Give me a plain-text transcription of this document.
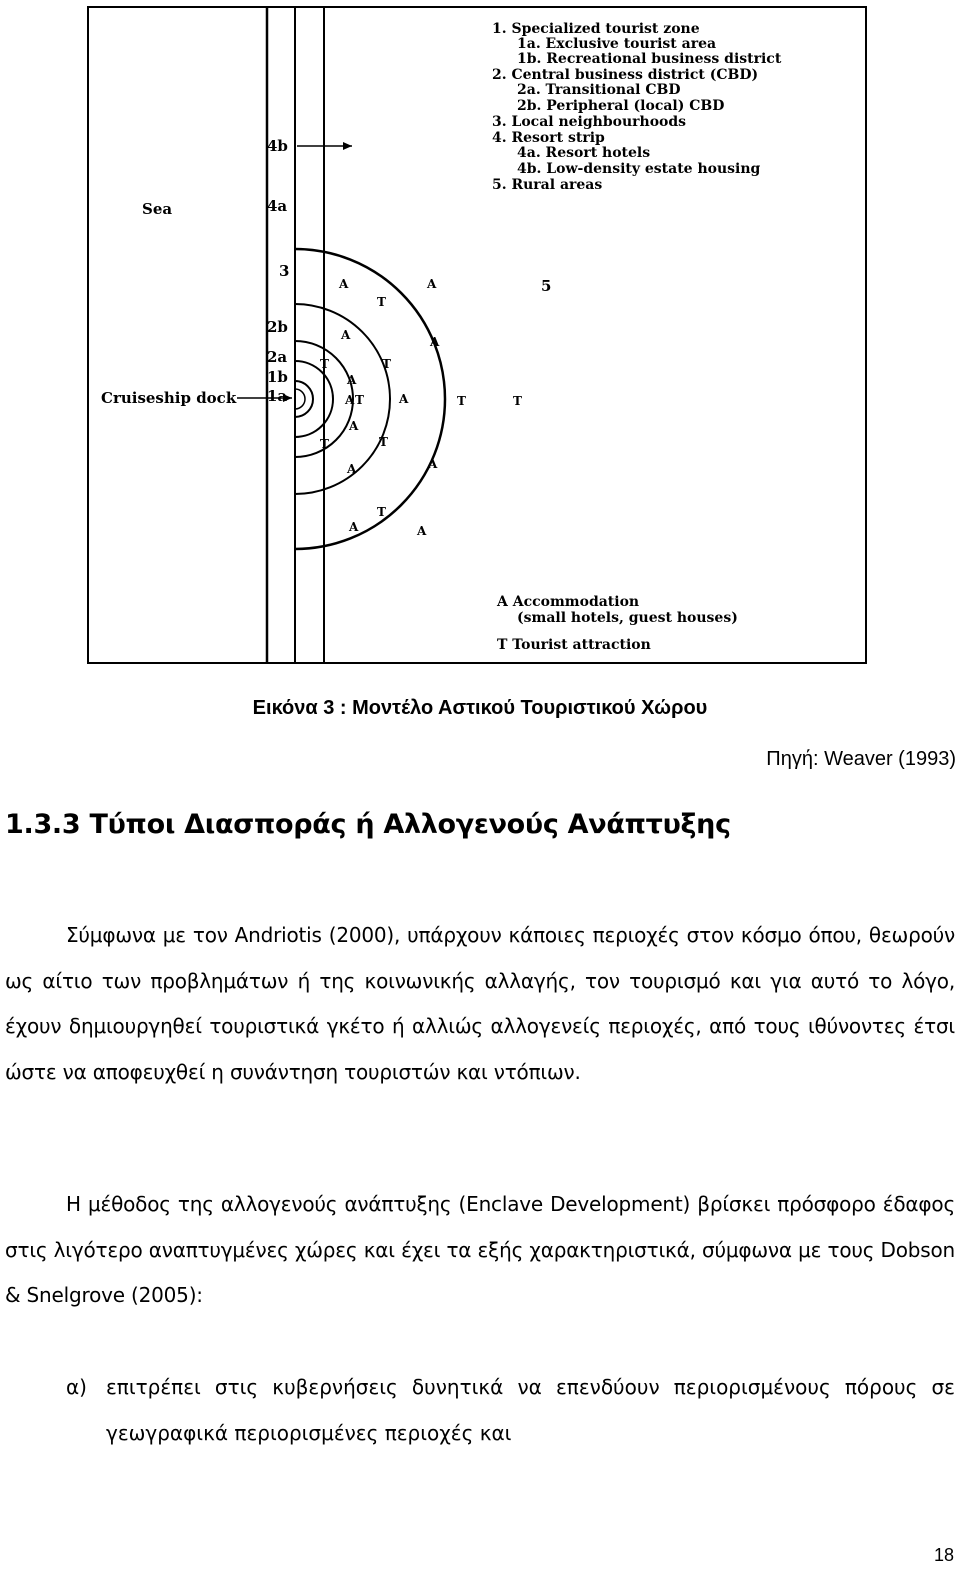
Sea
Cruiseship dock
4b
4a
3
2b
2a
1b
1a
5
A	A
A	A
A
A
A
A
A	A
A	A
T
T	T
T	T	T
T	T
T
1. Specialized tourist zone
1a. Exclusive tourist area
1b. Recreational business district
2. Central business district (CBD)
2a. Transitional CBD
2b. Peripheral (local) CBD
3. Local neighbourhoods
4. Resort strip
4a. Resort hotels
4b. Low-density estate housing
5. Rural areas
A Accommodation
(small hotels, guest houses)
T Tourist attraction
Εικόνα 3 : Μοντέλο Αστικού Τουριστικού Χώρου
Πηγή: Weaver (1993)
1.3.3 Τύποι Διασποράς ή Αλλογενούς Ανάπτυξης

Σύμφωνα με τον Andriotis (2000), υπάρχουν κάποιες περιοχές στον κόσμο όπου, θεωρούν ως αίτιο των προβλημάτων ή της κοινωνικής αλλαγής, τον τουρισμό και για αυτό το λόγο, έχουν δημιουργηθεί τουριστικά γκέτο ή αλλιώς αλλογενείς περιοχές, από τους ιθύνοντες έτσι ώστε να αποφευχθεί η συνάντηση τουριστών και ντόπιων.

Η μέθοδος της αλλογενούς ανάπτυξης (Enclave Development) βρίσκει πρόσφορο έδαφος στις λιγότερο αναπτυγμένες χώρες και έχει τα εξής χαρακτηριστικά, σύμφωνα με τους Dobson & Snelgrove (2005):

α) επιτρέπει στις κυβερνήσεις δυνητικά να επενδύουν περιορισμένους πόρους σε γεωγραφικά περιορισμένες περιοχές και
18
